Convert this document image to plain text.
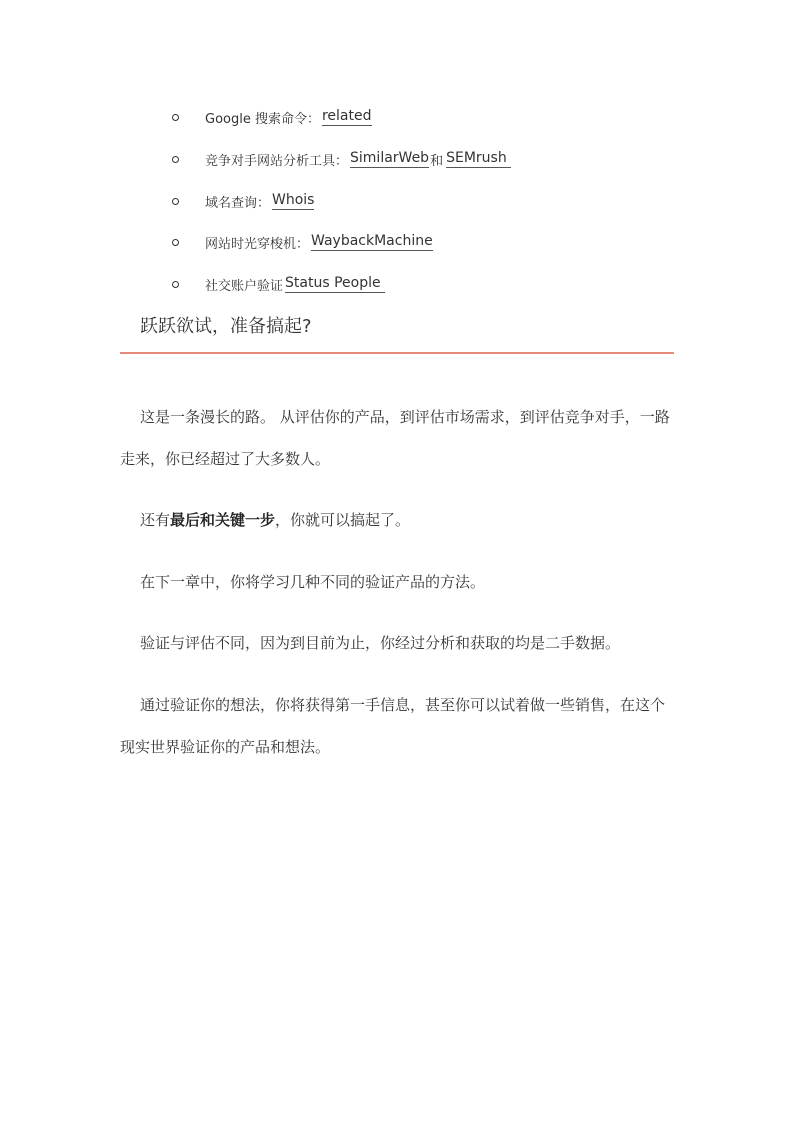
Google 搜索命令： related
竞争对手网站分析工具： SimilarWeb 和 SEMrush
域名查询： Whois
网站时光穿梭机： WaybackMachine
社交账户验证 Status People
跃跃欲试，准备搞起?

这是一条漫长的路。 从评估你的产品，到评估市场需求，到评估竞争对手，一路走来，你已经超过了大多数人。

还有最后和关键一步，你就可以搞起了。

在下一章中，你将学习几种不同的验证产品的方法。

验证与评估不同，因为到目前为止，你经过分析和获取的均是二手数据。

通过验证你的想法，你将获得第一手信息，甚至你可以试着做一些销售，在这个现实世界验证你的产品和想法。
